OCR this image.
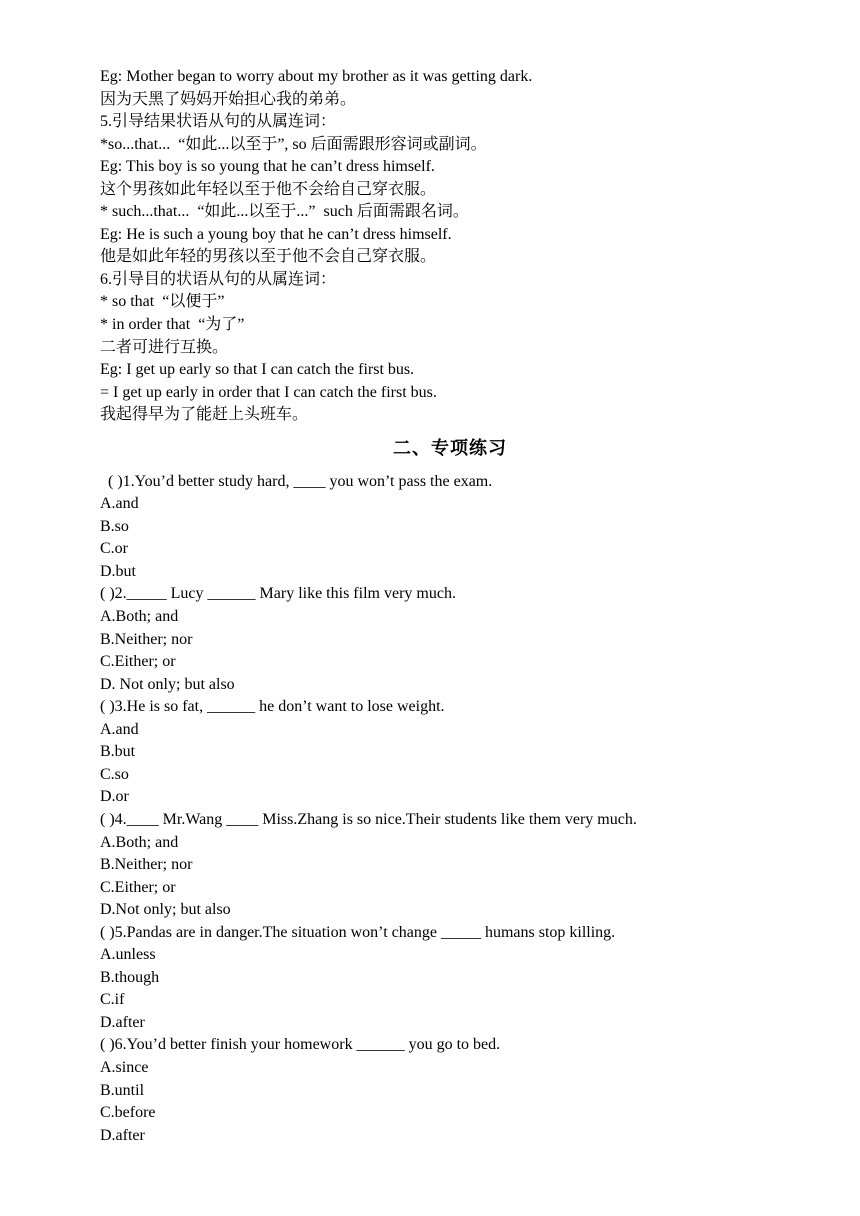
Eg: Mother began to worry about my brother as it was getting dark.
因为天黑了妈妈开始担心我的弟弟。
5.引导结果状语从句的从属连词：
*so...that...  “如此...以至于”, so 后面需跟形容词或副词。
Eg: This boy is so young that he can’t dress himself.
这个男孩如此年轻以至于他不会给自己穿衣服。
* such...that...  “如此...以至于...”  such 后面需跟名词。
Eg: He is such a young boy that he can’t dress himself.
他是如此年轻的男孩以至于他不会自己穿衣服。
6.引导目的状语从句的从属连词：
* so that  “以便于”
* in order that  “为了”
二者可进行互换。
Eg: I get up early so that I can catch the first bus.
= I get up early in order that I can catch the first bus.
我起得早为了能赶上头班车。
二、专项练习
( )1.You’d better study hard, ____ you won’t pass the exam.
A.and
B.so
C.or
D.but
( )2._____ Lucy ______ Mary like this film very much.
A.Both; and
B.Neither; nor
C.Either; or
D. Not only; but also
( )3.He is so fat, ______ he don’t want to lose weight.
A.and
B.but
C.so
D.or
( )4.____ Mr.Wang ____ Miss.Zhang is so nice.Their students like them very much.
A.Both; and
B.Neither; nor
C.Either; or
D.Not only; but also
( )5.Pandas are in danger.The situation won’t change _____ humans stop killing.
A.unless
B.though
C.if
D.after
( )6.You’d better finish your homework ______ you go to bed.
A.since
B.until
C.before
D.after
